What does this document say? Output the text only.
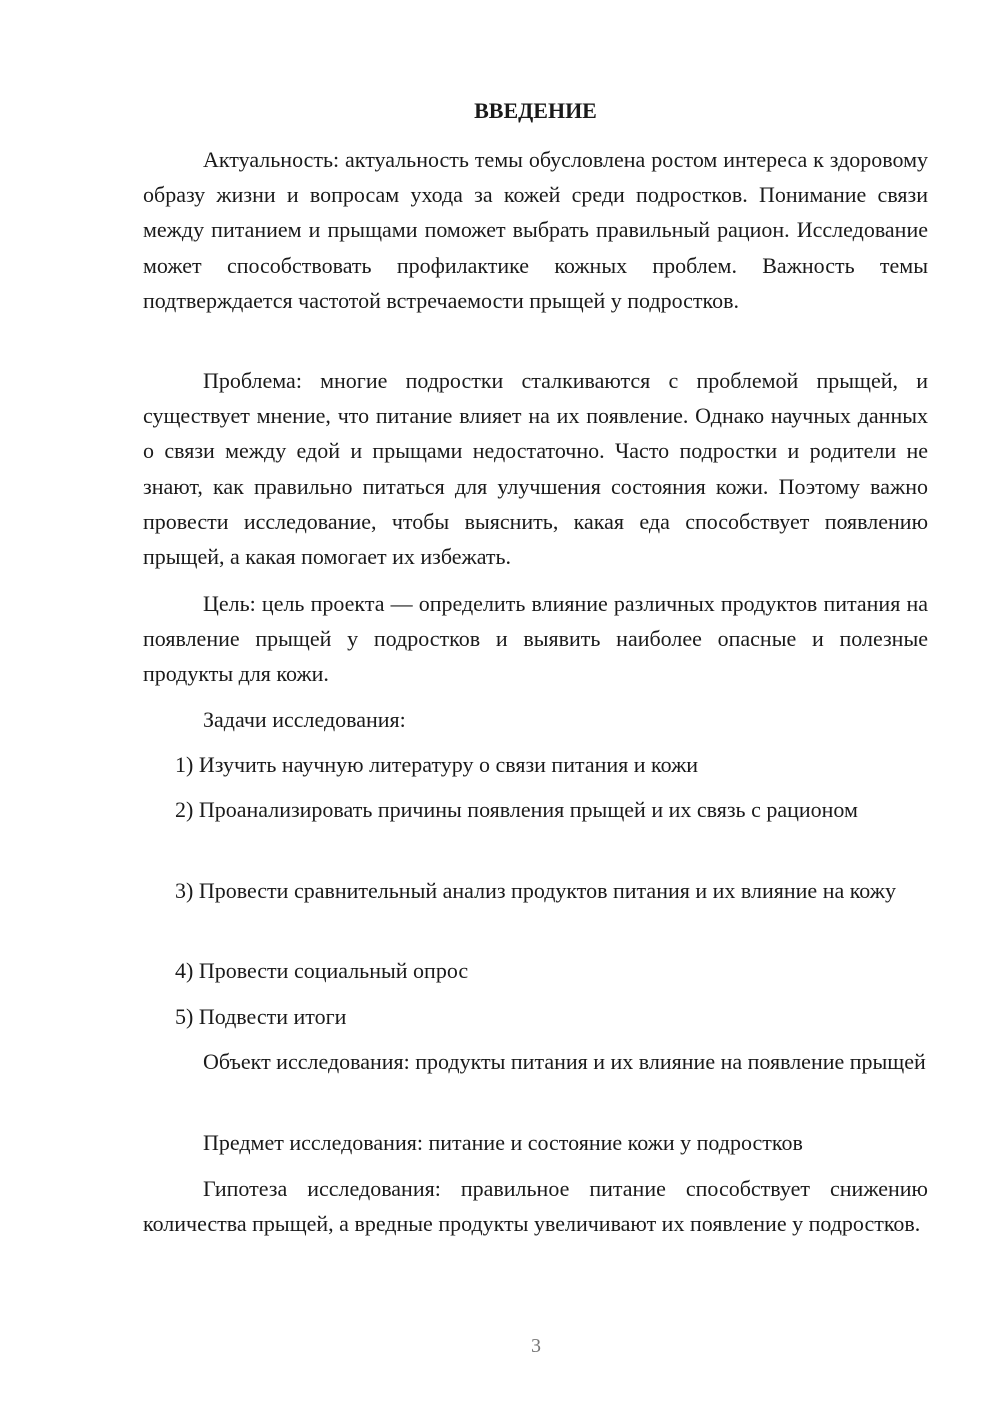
ВВЕДЕНИЕ

Актуальность: актуальность темы обусловлена ростом интереса к здоровому образу жизни и вопросам ухода за кожей среди подростков. Понимание связи между питанием и прыщами поможет выбрать правильный рацион. Исследование может способствовать профилактике кожных проблем. Важность темы подтверждается частотой встречаемости прыщей у подростков.

Проблема: многие подростки сталкиваются с проблемой прыщей, и существует мнение, что питание влияет на их появление. Однако научных данных о связи между едой и прыщами недостаточно. Часто подростки и родители не знают, как правильно питаться для улучшения состояния кожи. Поэтому важно провести исследование, чтобы выяснить, какая еда способствует появлению прыщей, а какая помогает их избежать.

Цель: цель проекта — определить влияние различных продуктов питания на появление прыщей у подростков и выявить наиболее опасные и полезные продукты для кожи.

Задачи исследования:

1) Изучить научную литературу о связи питания и кожи

2) Проанализировать причины появления прыщей и их связь с рационом

3) Провести сравнительный анализ продуктов питания и их влияние на кожу

4) Провести социальный опрос

5) Подвести итоги

Объект исследования: продукты питания и их влияние на появление прыщей

Предмет исследования: питание и состояние кожи у подростков

Гипотеза исследования: правильное питание способствует снижению количества прыщей, а вредные продукты увеличивают их появление у подростков.

3
